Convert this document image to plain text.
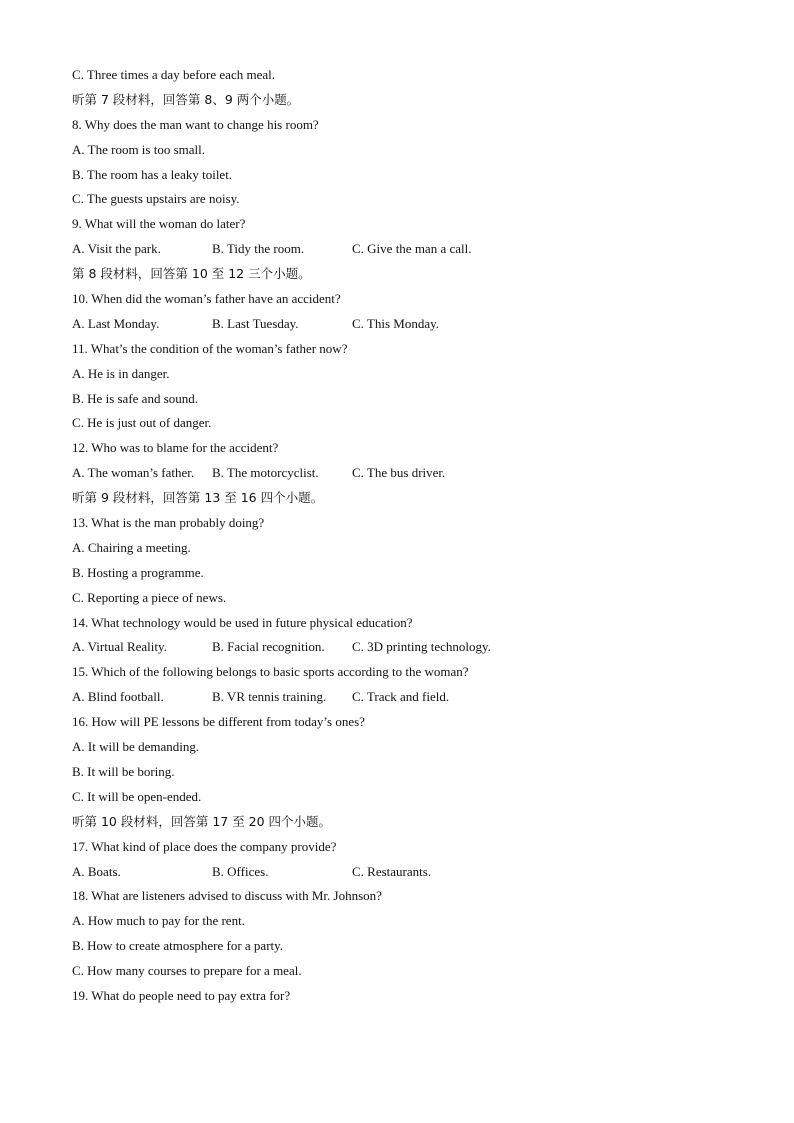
C. Three times a day before each meal.
听第 7 段材料，回答第 8、9 两个小题。
8. Why does the man want to change his room?
A. The room is too small.
B. The room has a leaky toilet.
C. The guests upstairs are noisy.
9. What will the woman do later?
A. Visit the park.	B. Tidy the room.	C. Give the man a call.
第 8 段材料，回答第 10 至 12 三个小题。
10. When did the woman’s father have an accident?
A. Last Monday.	B. Last Tuesday.	C. This Monday.
11. What’s the condition of the woman’s father now?
A. He is in danger.
B. He is safe and sound.
C. He is just out of danger.
12. Who was to blame for the accident?
A. The woman’s father. B. The motorcyclist.	C. The bus driver.
听第 9 段材料，回答第 13 至 16 四个小题。
13. What is the man probably doing?
A. Chairing a meeting.
B. Hosting a programme.
C. Reporting a piece of news.
14. What technology would be used in future physical education?
A. Virtual Reality.	B. Facial recognition. C. 3D printing technology.
15. Which of the following belongs to basic sports according to the woman?
A. Blind football.	B. VR tennis training. C. Track and field.
16. How will PE lessons be different from today’s ones?
A. It will be demanding.
B. It will be boring.
C. It will be open-ended.
听第 10 段材料，回答第 17 至 20 四个小题。
17. What kind of place does the company provide?
A. Boats.	B. Offices.	C. Restaurants.
18. What are listeners advised to discuss with Mr. Johnson?
A. How much to pay for the rent.
B. How to create atmosphere for a party.
C. How many courses to prepare for a meal.
19. What do people need to pay extra for?
